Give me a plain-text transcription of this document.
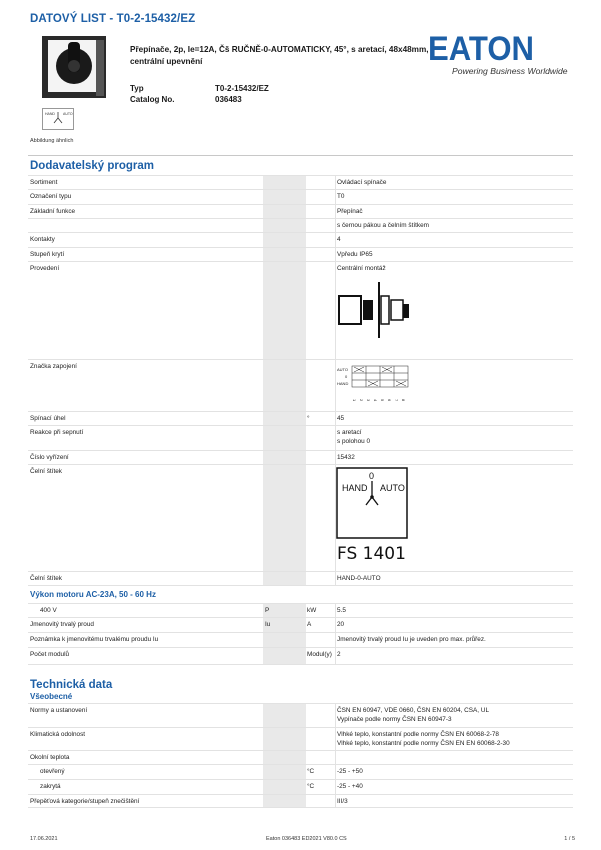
DATOVÝ LIST - T0-2-15432/EZ
HAND AUTO
Abbildung ähnlich
Přepínače, 2p, Ie=12A, Čš RUČNĚ-0-AUTOMATICKY, 45°, s aretací, 48x48mm, centrální upevnění
Typ	T0-2-15432/EZ
Catalog No.	036483
EATON
Powering Business Worldwide
Dodavatelský program
Sortiment	Ovládací spínače
Označení typu	T0
Základní funkce	Přepínač
s černou pákou a čelním štítkem
Kontakty	4
Stupeň krytí	Vpředu IP65
Provedení	Centrální montáž
Značka zapojení	AUTO
0
HAND
1 2 3 4 5 6 7 8
Spínací úhel	°	45
Reakce při sepnutí	s aretací
s polohou 0
Číslo vyřízení	15432
Čelní štítek	0
HAND AUTO
FS 1401
Čelní štítek	HAND-0-AUTO
Výkon motoru AC-23A, 50 - 60 Hz
400 V	P	kW	5.5
Jmenovitý trvalý proud	Iu	A	20
Poznámka k jmenovitému trvalému proudu Iu	Jmenovitý trvalý proud Iu je uveden pro max. průřez.
Počet modulů	Modul(y) 2
Technická data
Všeobecné
Normy a ustanovení	ČSN EN 60947, VDE 0660, ČSN EN 60204, CSA, UL
Vypínače podle normy ČSN EN 60947-3
Klimatická odolnost	Vlhké teplo, konstantní podle normy ČSN EN 60068-2-78
Vlhké teplo, konstantní podle normy ČSN EN EN 60068-2-30
Okolní teplota
otevřený	°C	-25 - +50
zakrytá	°C	-25 - +40
Přepěťová kategorie/stupeň znečištění	III/3
17.06.2021	Eaton 036483 ED2021 V80.0 CS	1 / 5
